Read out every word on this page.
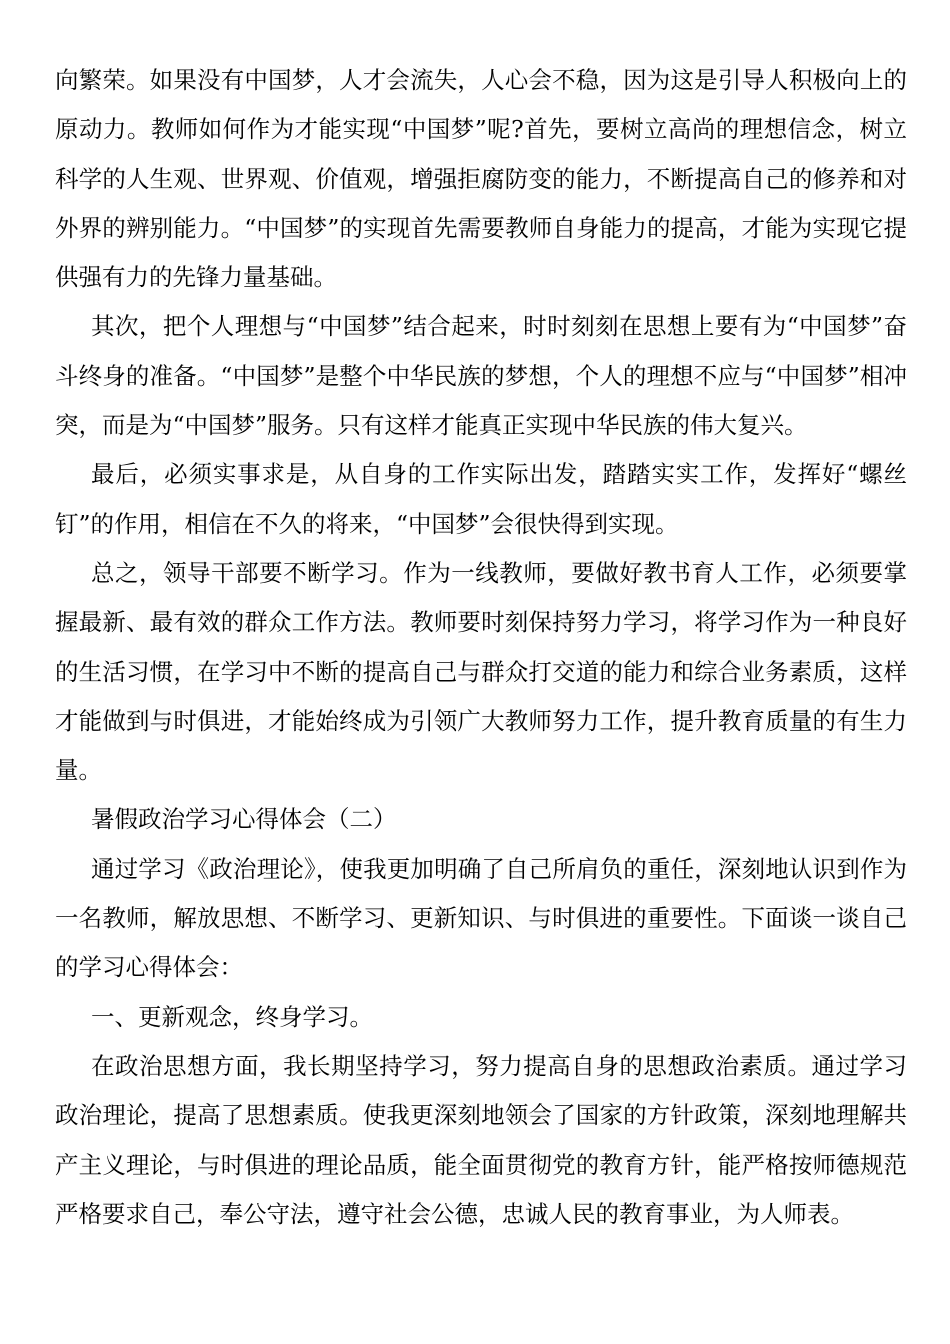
向繁荣。如果没有中国梦，人才会流失，人心会不稳，因为这是引导人积极向上的原动力。教师如何作为才能实现“中国梦”呢?首先，要树立高尚的理想信念，树立科学的人生观、世界观、价值观，增强拒腐防变的能力，不断提高自己的修养和对外界的辨别能力。“中国梦”的实现首先需要教师自身能力的提高，才能为实现它提供强有力的先锋力量基础。

其次，把个人理想与“中国梦”结合起来，时时刻刻在思想上要有为“中国梦”奋斗终身的准备。“中国梦”是整个中华民族的梦想，个人的理想不应与“中国梦”相冲突，而是为“中国梦”服务。只有这样才能真正实现中华民族的伟大复兴。

最后，必须实事求是，从自身的工作实际出发，踏踏实实工作，发挥好“螺丝钉”的作用，相信在不久的将来，“中国梦”会很快得到实现。

总之，领导干部要不断学习。作为一线教师，要做好教书育人工作，必须要掌握最新、最有效的群众工作方法。教师要时刻保持努力学习，将学习作为一种良好的生活习惯，在学习中不断的提高自己与群众打交道的能力和综合业务素质，这样才能做到与时俱进，才能始终成为引领广大教师努力工作，提升教育质量的有生力量。

暑假政治学习心得体会（二）

通过学习《政治理论》，使我更加明确了自己所肩负的重任，深刻地认识到作为一名教师，解放思想、不断学习、更新知识、与时俱进的重要性。下面谈一谈自己的学习心得体会：

一、更新观念，终身学习。

在政治思想方面，我长期坚持学习，努力提高自身的思想政治素质。通过学习政治理论，提高了思想素质。使我更深刻地领会了国家的方针政策，深刻地理解共产主义理论，与时俱进的理论品质，能全面贯彻党的教育方针，能严格按师德规范严格要求自己，奉公守法，遵守社会公德，忠诚人民的教育事业，为人师表。
